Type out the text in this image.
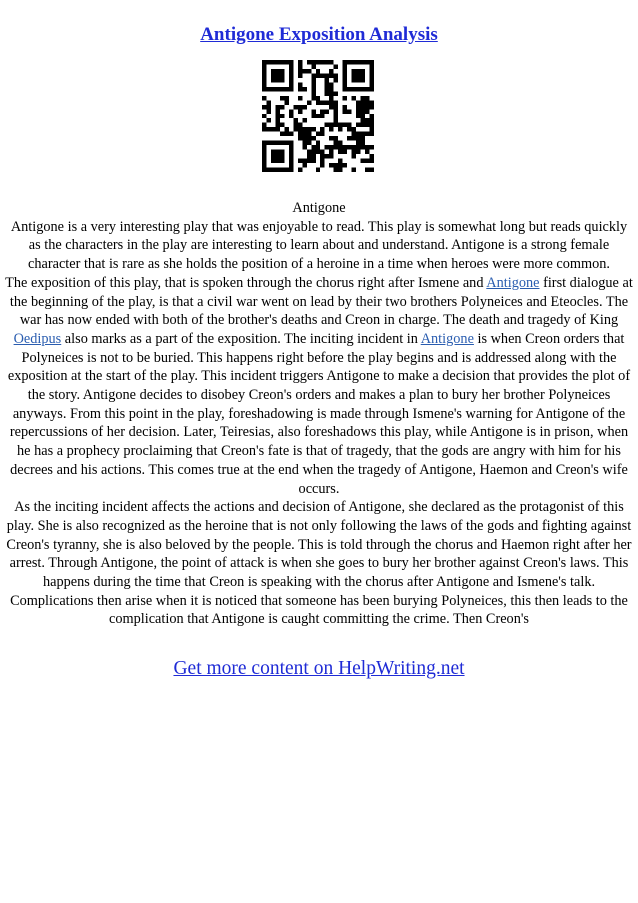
Antigone Exposition Analysis

Antigone

Antigone is a very interesting play that was enjoyable to read. This play is somewhat long but reads quickly as the characters in the play are interesting to learn about and understand. Antigone is a strong female character that is rare as she holds the position of a heroine in a time when heroes were more common.

The exposition of this play, that is spoken through the chorus right after Ismene and Antigone first dialogue at the beginning of the play, is that a civil war went on lead by their two brothers Polyneices and Eteocles. The war has now ended with both of the brother's deaths and Creon in charge. The death and tragedy of King Oedipus also marks as a part of the exposition. The inciting incident in Antigone is when Creon orders that Polyneices is not to be buried. This happens right before the play begins and is addressed along with the exposition at the start of the play. This incident triggers Antigone to make a decision that provides the plot of the story. Antigone decides to disobey Creon's orders and makes a plan to bury her brother Polyneices anyways. From this point in the play, foreshadowing is made through Ismene's warning for Antigone of the repercussions of her decision. Later, Teiresias, also foreshadows this play, while Antigone is in prison, when he has a prophecy proclaiming that Creon's fate is that of tragedy, that the gods are angry with him for his decrees and his actions. This comes true at the end when the tragedy of Antigone, Haemon and Creon's wife occurs.

As the inciting incident affects the actions and decision of Antigone, she declared as the protagonist of this play. She is also recognized as the heroine that is not only following the laws of the gods and fighting against Creon's tyranny, she is also beloved by the people. This is told through the chorus and Haemon right after her arrest. Through Antigone, the point of attack is when she goes to bury her brother against Creon's laws. This happens during the time that Creon is speaking with the chorus after Antigone and Ismene's talk. Complications then arise when it is noticed that someone has been burying Polyneices, this then leads to the complication that Antigone is caught committing the crime. Then Creon's

Get more content on HelpWriting.net
